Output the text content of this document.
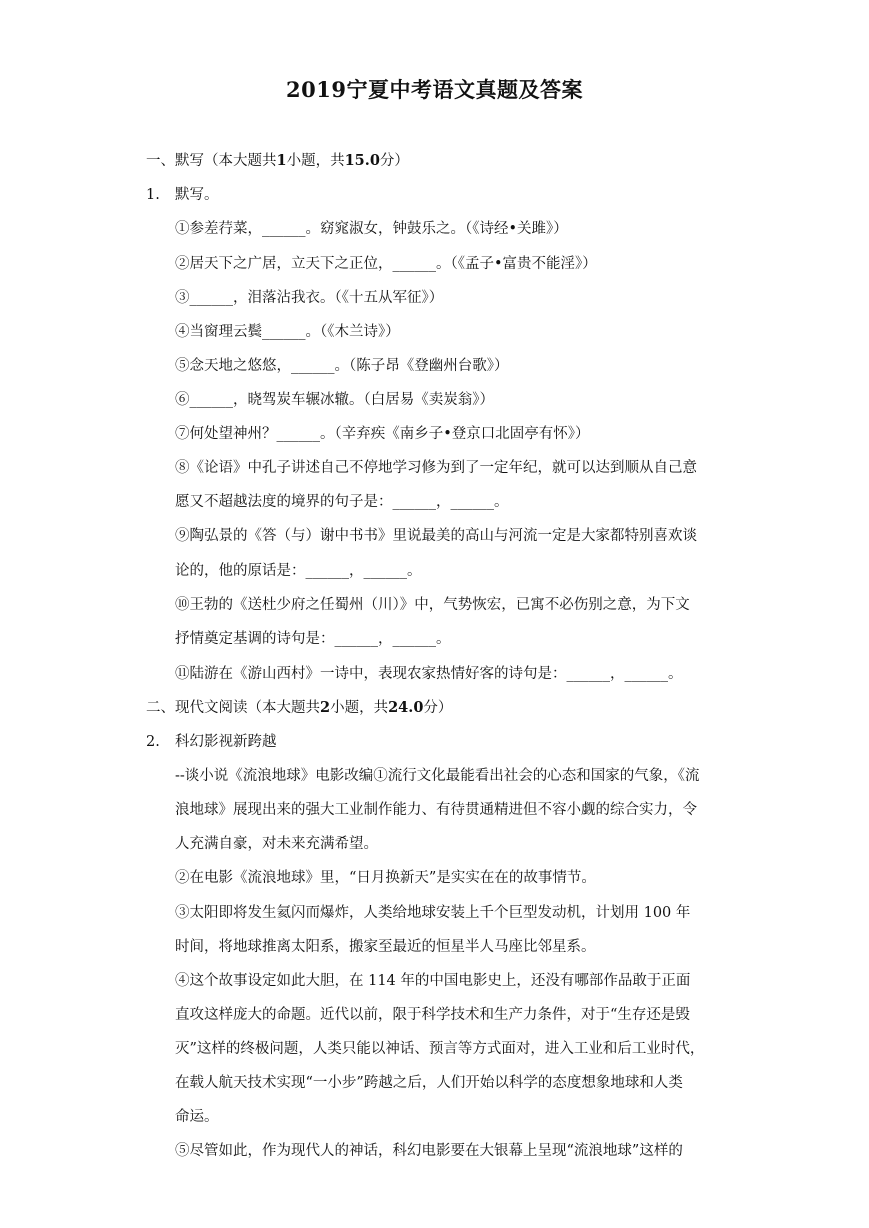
2019宁夏中考语文真题及答案
一、默写（本大题共1小题，共15.0分）
1. 默写。
①参差荇菜，______。窈窕淑女，钟鼓乐之。（《诗经•关雎》）
②居天下之广居，立天下之正位，______。（《孟子•富贵不能淫》）
③______，泪落沾我衣。（《十五从军征》）
④当窗理云鬓______。（《木兰诗》）
⑤念天地之悠悠，______。（陈子昂《登幽州台歌》）
⑥______，晓驾炭车辗冰辙。（白居易《卖炭翁》）
⑦何处望神州？______。（辛弃疾《南乡子•登京口北固亭有怀》）
⑧《论语》中孔子讲述自己不停地学习修为到了一定年纪，就可以达到顺从自己意
愿又不超越法度的境界的句子是：______，______。
⑨陶弘景的《答（与）谢中书书》里说最美的高山与河流一定是大家都特别喜欢谈
论的，他的原话是：______，______。
⑩王勃的《送杜少府之任蜀州（川）》中，气势恢宏，已寓不必伤别之意，为下文
抒情奠定基调的诗句是：______，______。
⑪陆游在《游山西村》一诗中，表现农家热情好客的诗句是：______，______。
二、现代文阅读（本大题共2小题，共24.0分）
2. 科幻影视新跨越
--谈小说《流浪地球》电影改编①流行文化最能看出社会的心态和国家的气象，《流
浪地球》展现出来的强大工业制作能力、有待贯通精进但不容小觑的综合实力，令
人充满自豪，对未来充满希望。
②在电影《流浪地球》里，“日月换新天”是实实在在的故事情节。
③太阳即将发生氦闪而爆炸，人类给地球安装上千个巨型发动机，计划用 100 年
时间，将地球推离太阳系，搬家至最近的恒星半人马座比邻星系。
④这个故事设定如此大胆，在 114 年的中国电影史上，还没有哪部作品敢于正面
直攻这样庞大的命题。近代以前，限于科学技术和生产力条件，对于“生存还是毁
灭”这样的终极问题，人类只能以神话、预言等方式面对，进入工业和后工业时代，
在载人航天技术实现“一小步”跨越之后，人们开始以科学的态度想象地球和人类
命运。
⑤尽管如此，作为现代人的神话，科幻电影要在大银幕上呈现“流浪地球”这样的
